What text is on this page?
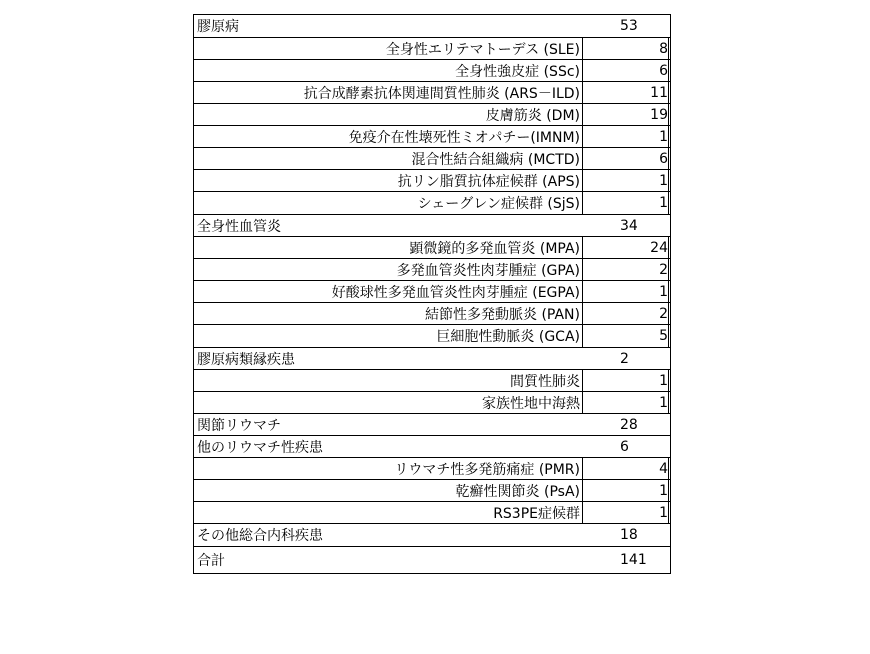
膠原病	53
全身性エリテマトーデス (SLE)	8
全身性強皮症 (SSc)	6
抗合成酵素抗体関連間質性肺炎 (ARS－ILD)	11
皮膚筋炎 (DM)	19
免疫介在性壊死性ミオパチー(IMNM)	1
混合性結合組織病 (MCTD)	6
抗リン脂質抗体症候群 (APS)	1
シェーグレン症候群 (SjS)	1
全身性血管炎	34
顕微鏡的多発血管炎 (MPA)	24
多発血管炎性肉芽腫症 (GPA)	2
好酸球性多発血管炎性肉芽腫症 (EGPA)	1
結節性多発動脈炎 (PAN)	2
巨細胞性動脈炎 (GCA)	5
膠原病類縁疾患	2
間質性肺炎	1
家族性地中海熱	1
関節リウマチ	28
他のリウマチ性疾患	6
リウマチ性多発筋痛症 (PMR)	4
乾癬性関節炎 (PsA)	1
RS3PE症候群	1
その他総合内科疾患	18
合計	141
